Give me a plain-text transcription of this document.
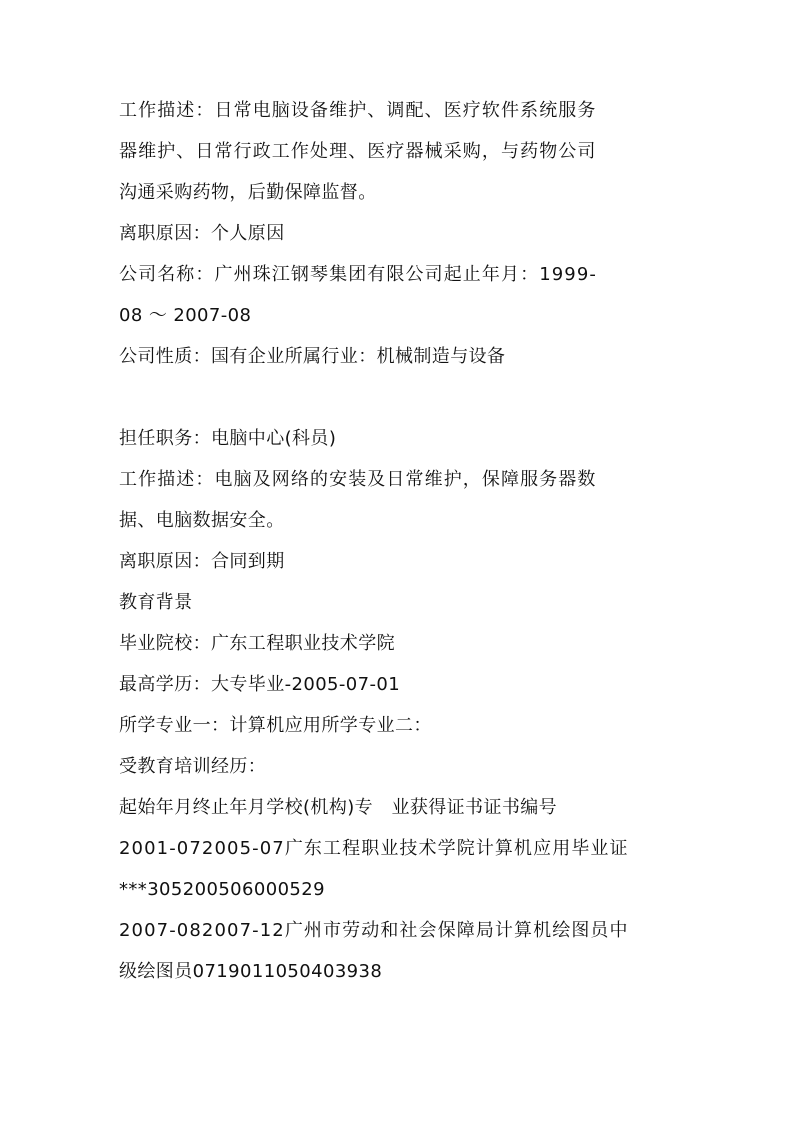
工作描述：日常电脑设备维护、调配、医疗软件系统服务
器维护、日常行政工作处理、医疗器械采购，与药物公司
沟通采购药物，后勤保障监督。
离职原因：个人原因
公司名称：广州珠江钢琴集团有限公司起止年月：1999-
08 ～ 2007-08
公司性质：国有企业所属行业：机械制造与设备
担任职务：电脑中心(科员)
工作描述：电脑及网络的安装及日常维护，保障服务器数
据、电脑数据安全。
离职原因：合同到期
教育背景
毕业院校：广东工程职业技术学院
最高学历：大专毕业-2005-07-01
所学专业一：计算机应用所学专业二：
受教育培训经历：
起始年月终止年月学校(机构)专　业获得证书证书编号
2001-072005-07广东工程职业技术学院计算机应用毕业证
***305200506000529
2007-082007-12广州市劳动和社会保障局计算机绘图员中
级绘图员0719011050403938
